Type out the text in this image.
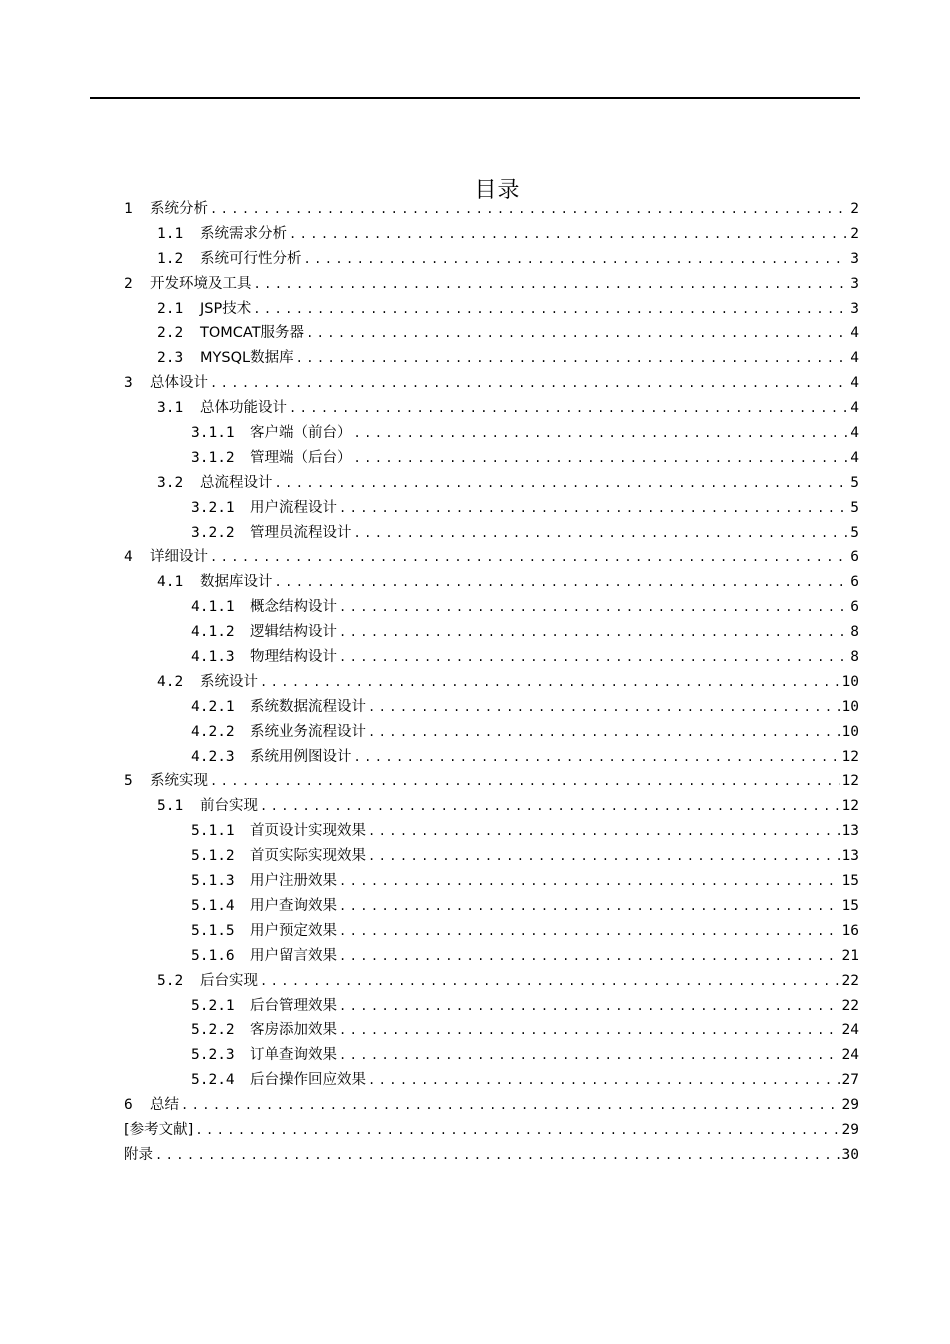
目录
1	系统分析 .....	2
1.1	系统需求分析 .....	2
1.2	系统可行性分析 .....	3
2	开发环境及工具 .....	3
2.1	JSP技术 .....	3
2.2	TOMCAT服务器 .....	4
2.3	MYSQL数据库 .....	4
3	总体设计 .....	4
3.1	总体功能设计 .....	4
3.1.1	客户端（前台） .....	4
3.1.2	管理端（后台） .....	4
3.2	总流程设计 .....	5
3.2.1	用户流程设计 .....	5
3.2.2	管理员流程设计 .....	5
4	详细设计 .....	6
4.1	数据库设计 .....	6
4.1.1	概念结构设计 .....	6
4.1.2	逻辑结构设计 .....	8
4.1.3	物理结构设计 .....	8
4.2	系统设计 .....	10
4.2.1	系统数据流程设计 .....	10
4.2.2	系统业务流程设计 .....	10
4.2.3	系统用例图设计 .....	12
5	系统实现 .....	12
5.1	前台实现 .....	12
5.1.1	首页设计实现效果 .....	13
5.1.2	首页实际实现效果 .....	13
5.1.3	用户注册效果 .....	15
5.1.4	用户查询效果 .....	15
5.1.5	用户预定效果 .....	16
5.1.6	用户留言效果 .....	21
5.2	后台实现 .....	22
5.2.1	后台管理效果 .....	22
5.2.2	客房添加效果 .....	24
5.2.3	订单查询效果 .....	24
5.2.4	后台操作回应效果 .....	27
6	总结 .....	29
[参考文献] .....	29
附录 .....	30
